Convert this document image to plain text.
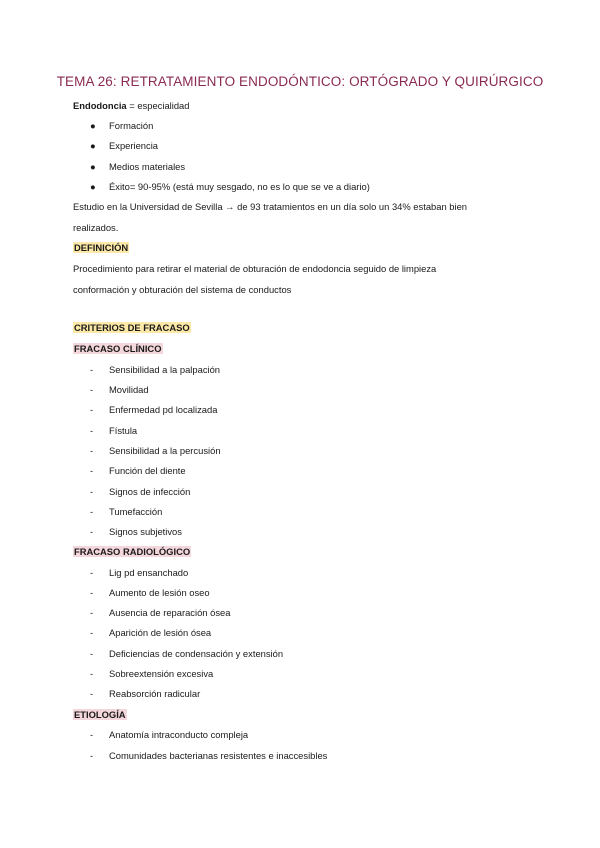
TEMA 26: RETRATAMIENTO ENDODÓNTICO: ORTÓGRADO Y QUIRÚRGICO
Endodoncia = especialidad
● Formación
● Experiencia
● Medios materiales
● Éxito= 90-95% (está muy sesgado, no es lo que se ve a diario)
Estudio en la Universidad de Sevilla → de 93 tratamientos en un día solo un 34% estaban bien
realizados.
DEFINICIÓN
Procedimiento para retirar el material de obturación de endodoncia seguido de limpieza
conformación y obturación del sistema de conductos
CRITERIOS DE FRACASO
FRACASO CLÍNICO
- Sensibilidad a la palpación
- Movilidad
- Enfermedad pd localizada
- Fístula
- Sensibilidad a la percusión
- Función del diente
- Signos de infección
- Tumefacción
- Signos subjetivos
FRACASO RADIOLÓGICO
- Lig pd ensanchado
- Aumento de lesión oseo
- Ausencia de reparación ósea
- Aparición de lesión ósea
- Deficiencias de condensación y extensión
- Sobreextensión excesiva
- Reabsorción radicular
ETIOLOGÍA
- Anatomía intraconducto compleja
- Comunidades bacterianas resistentes e inaccesibles
